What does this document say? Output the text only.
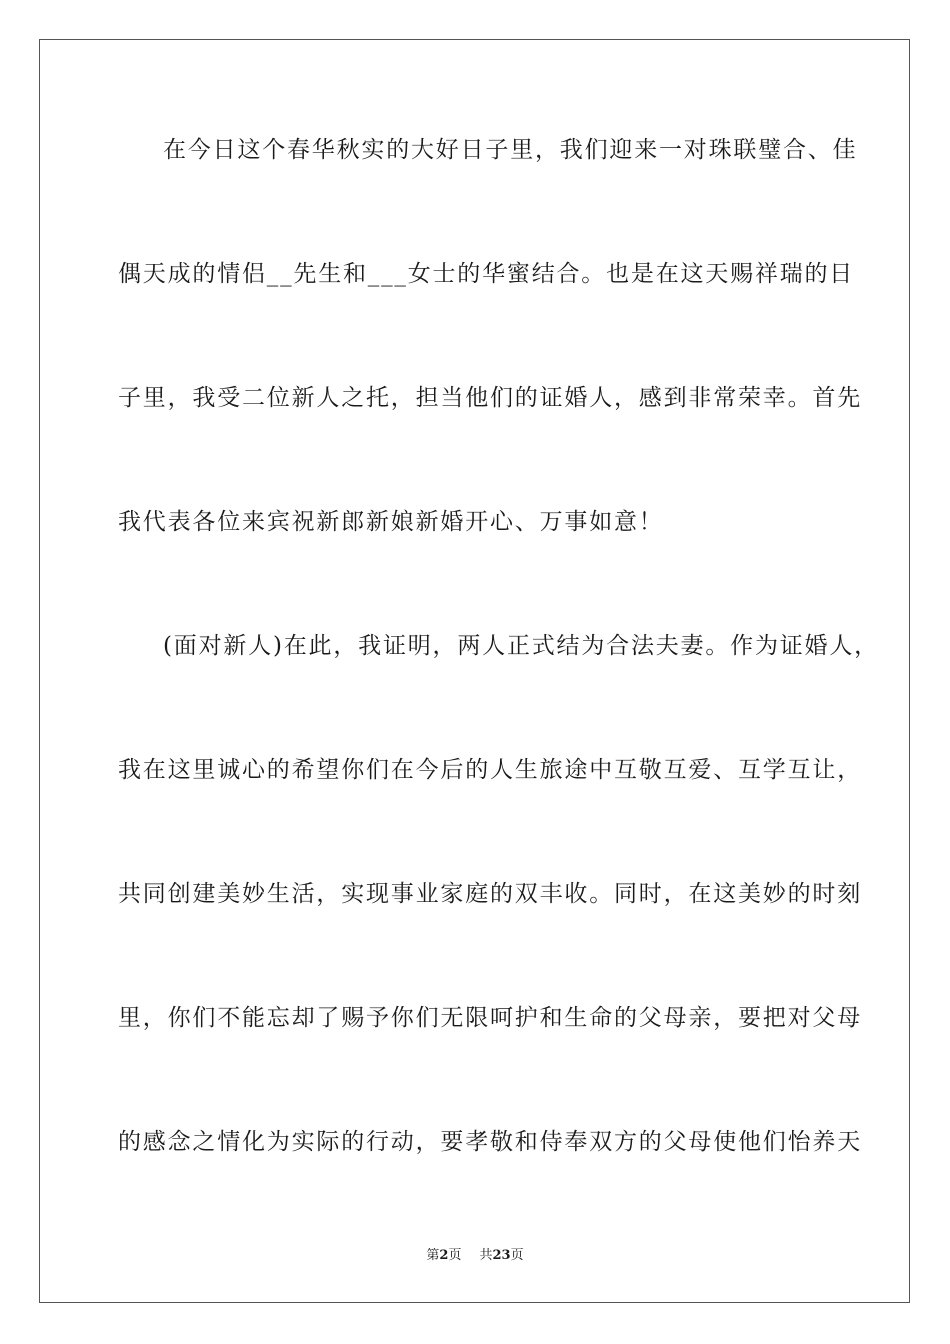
在今日这个春华秋实的大好日子里，我们迎来一对珠联璧合、佳
偶天成的情侣__先生和___女士的华蜜结合。也是在这天赐祥瑞的日
子里，我受二位新人之托，担当他们的证婚人，感到非常荣幸。首先
我代表各位来宾祝新郎新娘新婚开心、万事如意！
(面对新人)在此，我证明，两人正式结为合法夫妻。作为证婚人，
我在这里诚心的希望你们在今后的人生旅途中互敬互爱、互学互让，
共同创建美妙生活，实现事业家庭的双丰收。同时，在这美妙的时刻
里，你们不能忘却了赐予你们无限呵护和生命的父母亲，要把对父母
的感念之情化为实际的行动，要孝敬和侍奉双方的父母使他们怡养天
第2页 共23页
